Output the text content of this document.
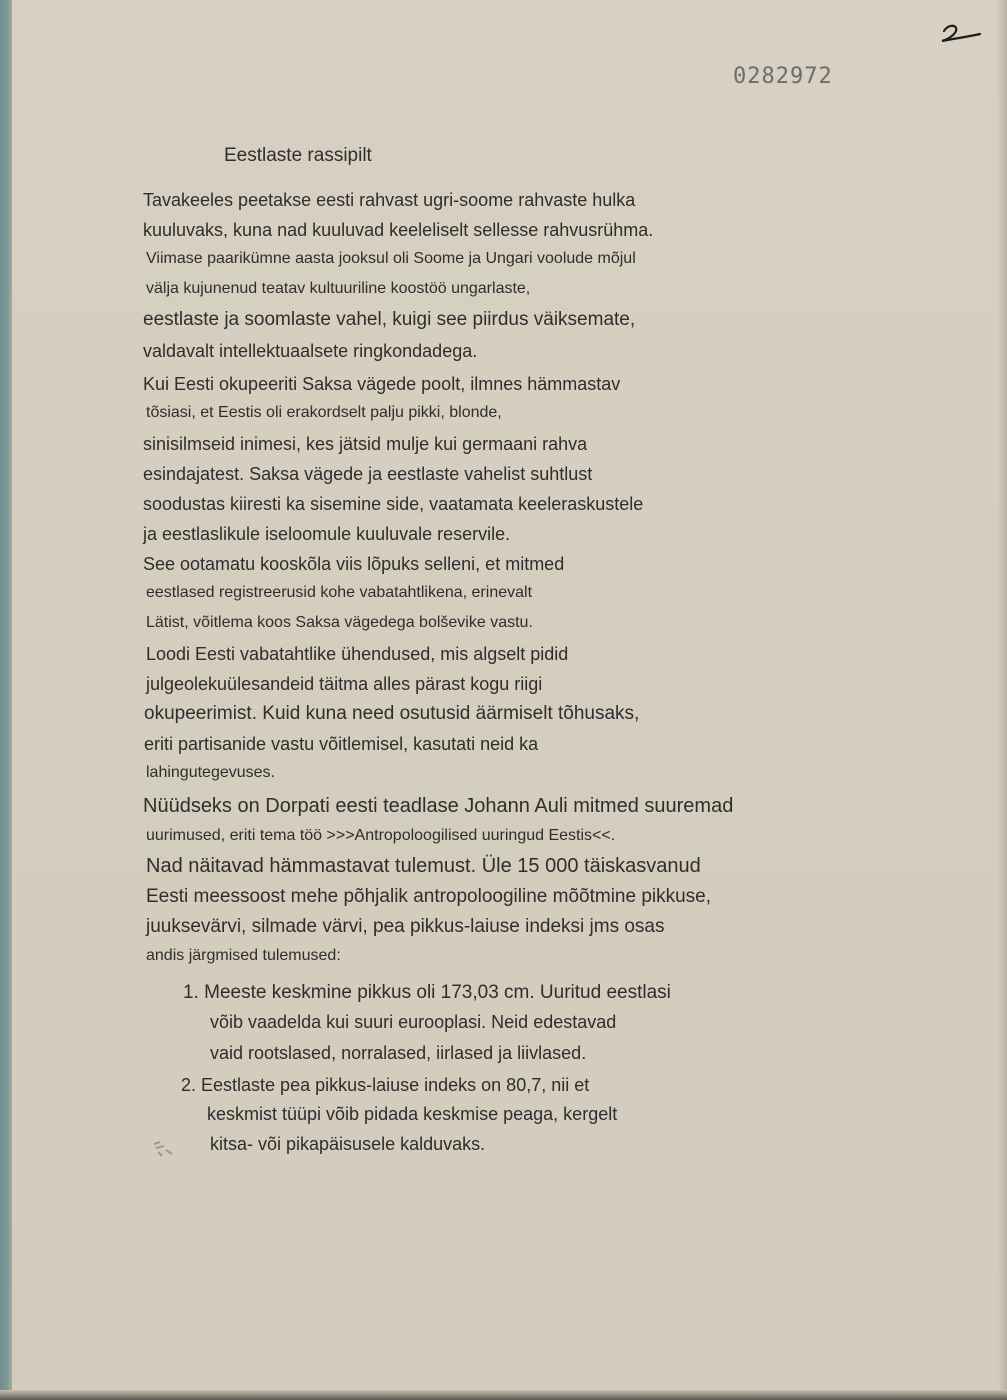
0282972
Eestlaste rassipilt
Tavakeeles peetakse eesti rahvast ugri-soome rahvaste hulka
kuuluvaks, kuna nad kuuluvad keeleliselt sellesse rahvusrühma.
Viimase paarikümne aasta jooksul oli Soome ja Ungari voolude mõjul
välja kujunenud teatav kultuuriline koostöö ungarlaste,
eestlaste ja soomlaste vahel, kuigi see piirdus väiksemate,
valdavalt intellektuaalsete ringkondadega.
Kui Eesti okupeeriti Saksa vägede poolt, ilmnes hämmastav
tõsiasi, et Eestis oli erakordselt palju pikki, blonde,
sinisilmseid inimesi, kes jätsid mulje kui germaani rahva
esindajatest. Saksa vägede ja eestlaste vahelist suhtlust
soodustas kiiresti ka sisemine side, vaatamata keeleraskustele
ja eestlaslikule iseloomule kuuluvale reservile.
See ootamatu kooskõla viis lõpuks selleni, et mitmed
eestlased registreerusid kohe vabatahtlikena, erinevalt
Lätist, võitlema koos Saksa vägedega bolševike vastu.
Loodi Eesti vabatahtlike ühendused, mis algselt pidid
julgeolekuülesandeid täitma alles pärast kogu riigi
okupeerimist. Kuid kuna need osutusid äärmiselt tõhusaks,
eriti partisanide vastu võitlemisel, kasutati neid ka
lahingutegevuses.
Nüüdseks on Dorpati eesti teadlase Johann Auli mitmed suuremad
uurimused, eriti tema töö >>>Antropoloogilised uuringud Eestis<<.
Nad näitavad hämmastavat tulemust. Üle 15 000 täiskasvanud
Eesti meessoost mehe põhjalik antropoloogiline mõõtmine pikkuse,
juuksevärvi, silmade värvi, pea pikkus-laiuse indeksi jms osas
andis järgmised tulemused:
1. Meeste keskmine pikkus oli 173,03 cm. Uuritud eestlasi
võib vaadelda kui suuri eurooplasi. Neid edestavad
vaid rootslased, norralased, iirlased ja liivlased.
2. Eestlaste pea pikkus-laiuse indeks on 80,7, nii et
keskmist tüüpi võib pidada keskmise peaga, kergelt
kitsa- või pikapäisusele kalduvaks.
